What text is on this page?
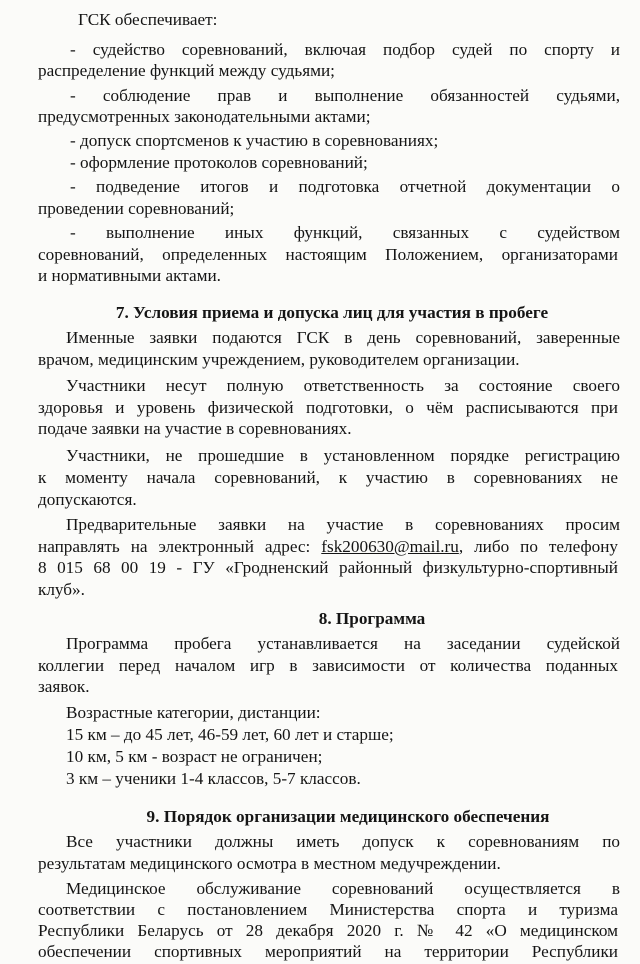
ГСК обеспечивает:
- судейство соревнований, включая подбор судей по спорту и
распределение функций между судьями;
- соблюдение прав и выполнение обязанностей судьями,
предусмотренных законодательными актами;
- допуск спортсменов к участию в соревнованиях;
- оформление протоколов соревнований;
- подведение итогов и подготовка отчетной документации о
проведении соревнований;
- выполнение иных функций, связанных с судейством
соревнований, определенных настоящим Положением, организаторами
и нормативными актами.
7. Условия приема и допуска лиц для участия в пробеге
Именные заявки подаются ГСК в день соревнований, заверенные
врачом, медицинским учреждением, руководителем организации.
Участники несут полную ответственность за состояние своего
здоровья и уровень физической подготовки, о чём расписываются при
подаче заявки на участие в соревнованиях.
Участники, не прошедшие в установленном порядке регистрацию
к моменту начала соревнований, к участию в соревнованиях не
допускаются.
Предварительные заявки на участие в соревнованиях просим
направлять на электронный адрес: fsk200630@mail.ru, либо по телефону
8 015 68 00 19 - ГУ «Гродненский районный физкультурно-спортивный
клуб».
8. Программа
Программа пробега устанавливается на заседании судейской
коллегии перед началом игр в зависимости от количества поданных
заявок.
Возрастные категории, дистанции:
15 км – до 45 лет, 46-59 лет, 60 лет и старше;
10 км, 5 км - возраст не ограничен;
3 км – ученики 1-4 классов, 5-7 классов.
9. Порядок организации медицинского обеспечения
Все участники должны иметь допуск к соревнованиям по
результатам медицинского осмотра в местном медучреждении.
Медицинское обслуживание соревнований осуществляется в
соответствии с постановлением Министерства спорта и туризма
Республики Беларусь от 28 декабря 2020 г. № 42 «О медицинском
обеспечении спортивных мероприятий на территории Республики
